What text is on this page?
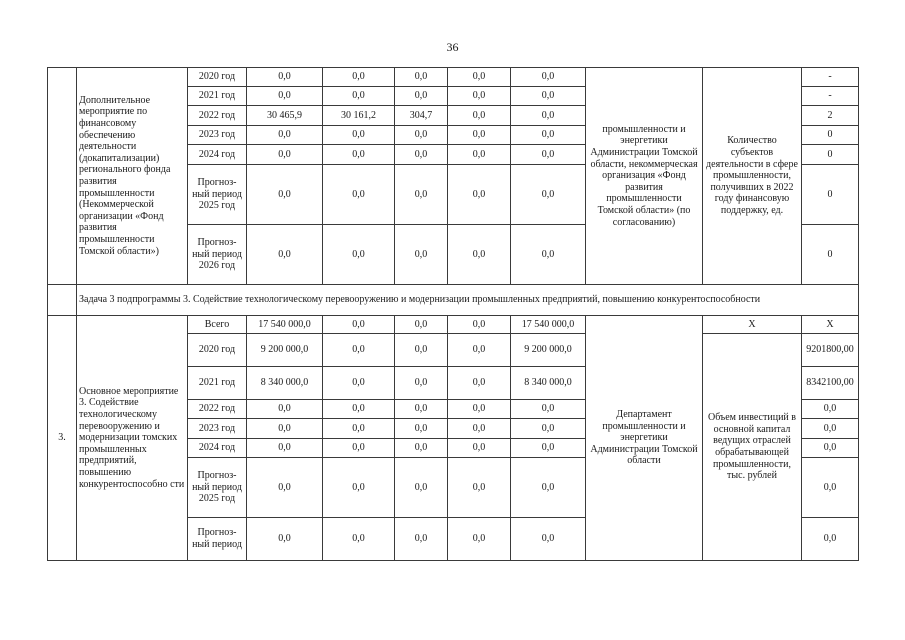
36
	Дополнительное мероприятие по финансовому обеспечению деятельности (докапитализации) регионального фонда развития промышленности (Некоммерческой организации «Фонд развития промышленности Томской области»)	2020 год	0,0	0,0	0,0	0,0	0,0	промышленности и энергетики Администрации Томской области, некоммерческая организация «Фонд развития промышленности Томской области» (по согласованию)	Количество субъектов деятельности в сфере промышленности, получивших в 2022 году финансовую поддержку, ед.	-
		2021 год	0,0	0,0	0,0	0,0	0,0			-
		2022 год	30 465,9	30 161,2	304,7	0,0	0,0			2
		2023 год	0,0	0,0	0,0	0,0	0,0			0
		2024 год	0,0	0,0	0,0	0,0	0,0			0
		Прогноз-ный период 2025 год	0,0	0,0	0,0	0,0	0,0			0
		Прогноз-ный период 2026 год	0,0	0,0	0,0	0,0	0,0			0
	Задача 3 подпрограммы 3. Содействие технологическому перевооружению и модернизации промышленных предприятий, повышению конкурентоспособности									
3.	Основное мероприятие 3. Содействие технологическому перевооружению и модернизации томских промышленных предприятий, повышению конкурентоспособно сти	Всего	17 540 000,0	0,0	0,0	0,0	17 540 000,0	Департамент промышленности и энергетики Администрации Томской области	Х	Х
		2020 год	9 200 000,0	0,0	0,0	0,0	9 200 000,0		Объем инвестиций в основной капитал ведущих отраслей обрабатывающей промышленности, тыс. рублей	9201800,00
		2021 год	8 340 000,0	0,0	0,0	0,0	8 340 000,0			8342100,00
		2022 год	0,0	0,0	0,0	0,0	0,0			0,0
		2023 год	0,0	0,0	0,0	0,0	0,0			0,0
		2024 год	0,0	0,0	0,0	0,0	0,0			0,0
		Прогноз-ный период 2025 год	0,0	0,0	0,0	0,0	0,0			0,0
		Прогноз-ный период	0,0	0,0	0,0	0,0	0,0			0,0
